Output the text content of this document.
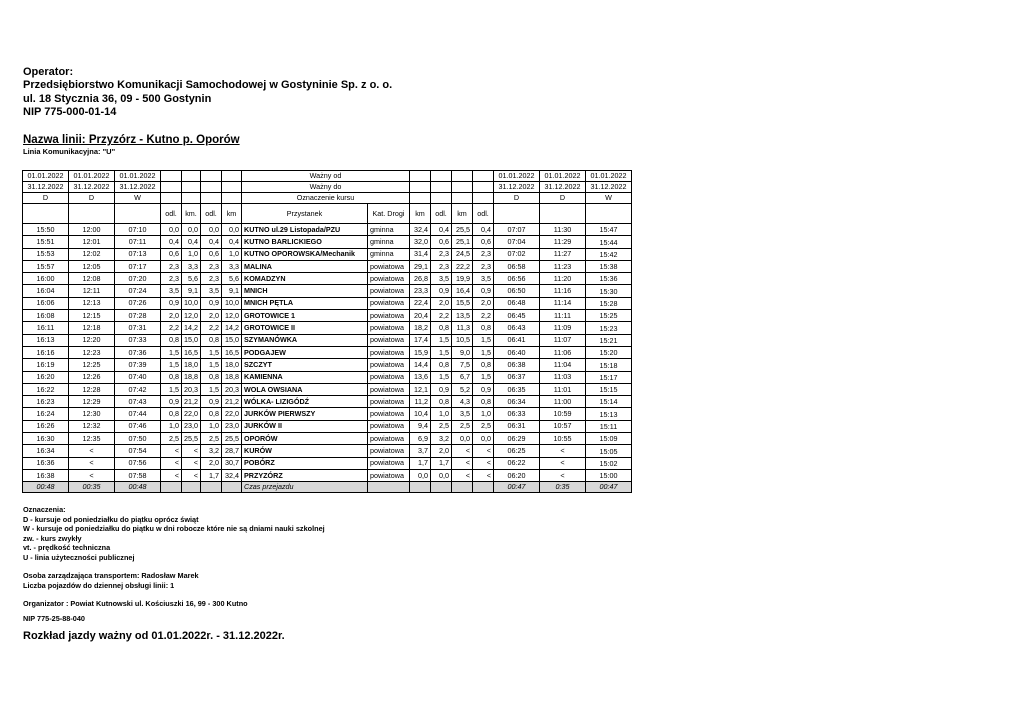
Operator:
Przedsiębiorstwo Komunikacji Samochodowej w Gostyninie Sp. z o. o.
ul. 18 Stycznia 36, 09 - 500 Gostynin
NIP 775-000-01-14
Nazwa linii: Przyzórz - Kutno p. Oporów
Linia Komunikacyjna: "U"
01.01.2022	01.01.2022	01.01.2022					Ważny od						01.01.2022	01.01.2022	01.01.2022
31.12.2022	31.12.2022	31.12.2022					Ważny do						31.12.2022	31.12.2022	31.12.2022
D	D	W					Oznaczenie kursu						D	D	W
			odl.	km.	odl.	km	Przystanek	Kat. Drogi	km	odl.	km	odl.			
15:50	12:00	07:10	0,0	0,0	0,0	0,0	KUTNO ul.29 Listopada/PZU	gminna	32,4	0,4	25,5	0,4	07:07	11:30	15:47
15:51	12:01	07:11	0,4	0,4	0,4	0,4	KUTNO BARLICKIEGO	gminna	32,0	0,6	25,1	0,6	07:04	11:29	15:44
15:53	12:02	07:13	0,6	1,0	0,6	1,0	KUTNO OPOROWSKA/Mechanik	gminna	31,4	2,3	24,5	2,3	07:02	11:27	15:42
15:57	12:05	07:17	2,3	3,3	2,3	3,3	MALINA	powiatowa	29,1	2,3	22,2	2,3	06:58	11:23	15:38
16:00	12:08	07:20	2,3	5,6	2,3	5,6	KOMADZYN	powiatowa	26,8	3,5	19,9	3,5	06:56	11:20	15:36
16:04	12:11	07:24	3,5	9,1	3,5	9,1	MNICH	powiatowa	23,3	0,9	16,4	0,9	06:50	11:16	15:30
16:06	12:13	07:26	0,9	10,0	0,9	10,0	MNICH PĘTLA	powiatowa	22,4	2,0	15,5	2,0	06:48	11:14	15:28
16:08	12:15	07:28	2,0	12,0	2,0	12,0	GROTOWICE 1	powiatowa	20,4	2,2	13,5	2,2	06:45	11:11	15:25
16:11	12:18	07:31	2,2	14,2	2,2	14,2	GROTOWICE II	powiatowa	18,2	0,8	11,3	0,8	06:43	11:09	15:23
16:13	12:20	07:33	0,8	15,0	0,8	15,0	SZYMANÓWKA	powiatowa	17,4	1,5	10,5	1,5	06:41	11:07	15:21
16:16	12:23	07:36	1,5	16,5	1,5	16,5	PODGAJEW	powiatowa	15,9	1,5	9,0	1,5	06:40	11:06	15:20
16:19	12:25	07:39	1,5	18,0	1,5	18,0	SZCZYT	powiatowa	14,4	0,8	7,5	0,8	06:38	11:04	15:18
16:20	12:26	07:40	0,8	18,8	0,8	18,8	KAMIENNA	powiatowa	13,6	1,5	6,7	1,5	06:37	11:03	15:17
16:22	12:28	07:42	1,5	20,3	1,5	20,3	WOLA OWSIANA	powiatowa	12,1	0,9	5,2	0,9	06:35	11:01	15:15
16:23	12:29	07:43	0,9	21,2	0,9	21,2	WÓLKA- LIZIGÓDŹ	powiatowa	11,2	0,8	4,3	0,8	06:34	11:00	15:14
16:24	12:30	07:44	0,8	22,0	0,8	22,0	JURKÓW PIERWSZY	powiatowa	10,4	1,0	3,5	1,0	06:33	10:59	15:13
16:26	12:32	07:46	1,0	23,0	1,0	23,0	JURKÓW II	powiatowa	9,4	2,5	2,5	2,5	06:31	10:57	15:11
16:30	12:35	07:50	2,5	25,5	2,5	25,5	OPORÓW	powiatowa	6,9	3,2	0,0	0,0	06:29	10:55	15:09
16:34	<	07:54	<	<	3,2	28,7	KURÓW	powiatowa	3,7	2,0	<	<	06:25	<	15:05
16:36	<	07:56	<	<	2,0	30,7	POBÓRZ	powiatowa	1,7	1,7	<	<	06:22	<	15:02
16:38	<	07:58	<	<	1,7	32,4	PRZYZÓRZ	powiatowa	0,0	0,0	<	<	06:20	<	15:00
00:48	00:35	00:48					Czas przejazdu						00:47	0:35	00:47
Oznaczenia:
D - kursuje od poniedziałku do piątku oprócz świąt
W - kursuje od poniedziałku do piątku w dni robocze które nie są dniami nauki szkolnej
zw. - kurs zwykły
vt. - prędkość techniczna
U - linia użyteczności publicznej
Osoba zarządzająca transportem: Radosław Marek
Liczba pojazdów do dziennej obsługi linii: 1
Organizator : Powiat Kutnowski ul. Kościuszki 16, 99 - 300 Kutno
NIP 775-25-88-040
Rozkład jazdy ważny od 01.01.2022r. - 31.12.2022r.
